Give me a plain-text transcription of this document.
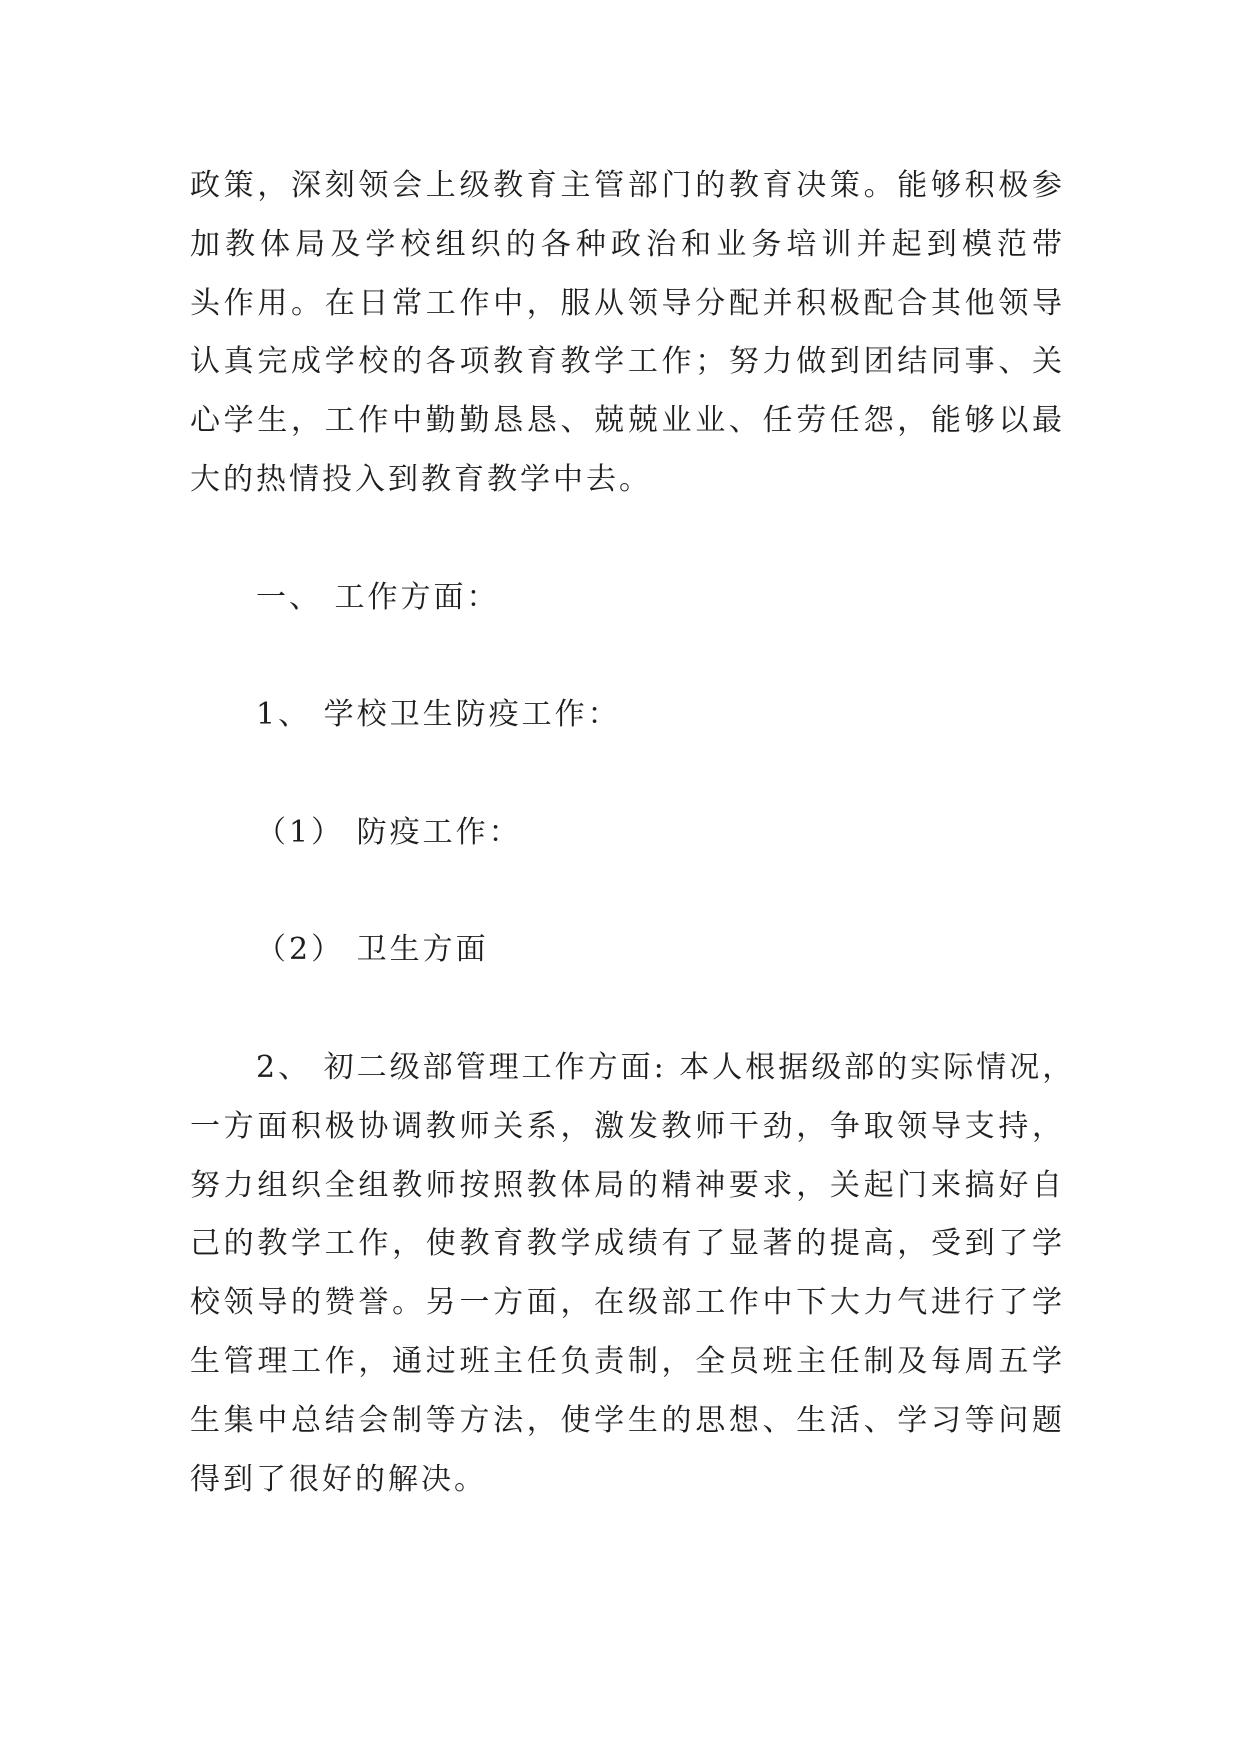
政策，深刻领会上级教育主管部门的教育决策。能够积极参
加教体局及学校组织的各种政治和业务培训并起到模范带
头作用。在日常工作中，服从领导分配并积极配合其他领导
认真完成学校的各项教育教学工作；努力做到团结同事、关
心学生，工作中勤勤恳恳、兢兢业业、任劳任怨，能够以最
大的热情投入到教育教学中去。
一、 工作方面：
1、 学校卫生防疫工作：
（1） 防疫工作：
（2） 卫生方面
2、 初二级部管理工作方面: 本人根据级部的实际情况，
一方面积极协调教师关系，激发教师干劲，争取领导支持，
努力组织全组教师按照教体局的精神要求，关起门来搞好自
己的教学工作，使教育教学成绩有了显著的提高，受到了学
校领导的赞誉。另一方面，在级部工作中下大力气进行了学
生管理工作，通过班主任负责制，全员班主任制及每周五学
生集中总结会制等方法，使学生的思想、生活、学习等问题
得到了很好的解决。
